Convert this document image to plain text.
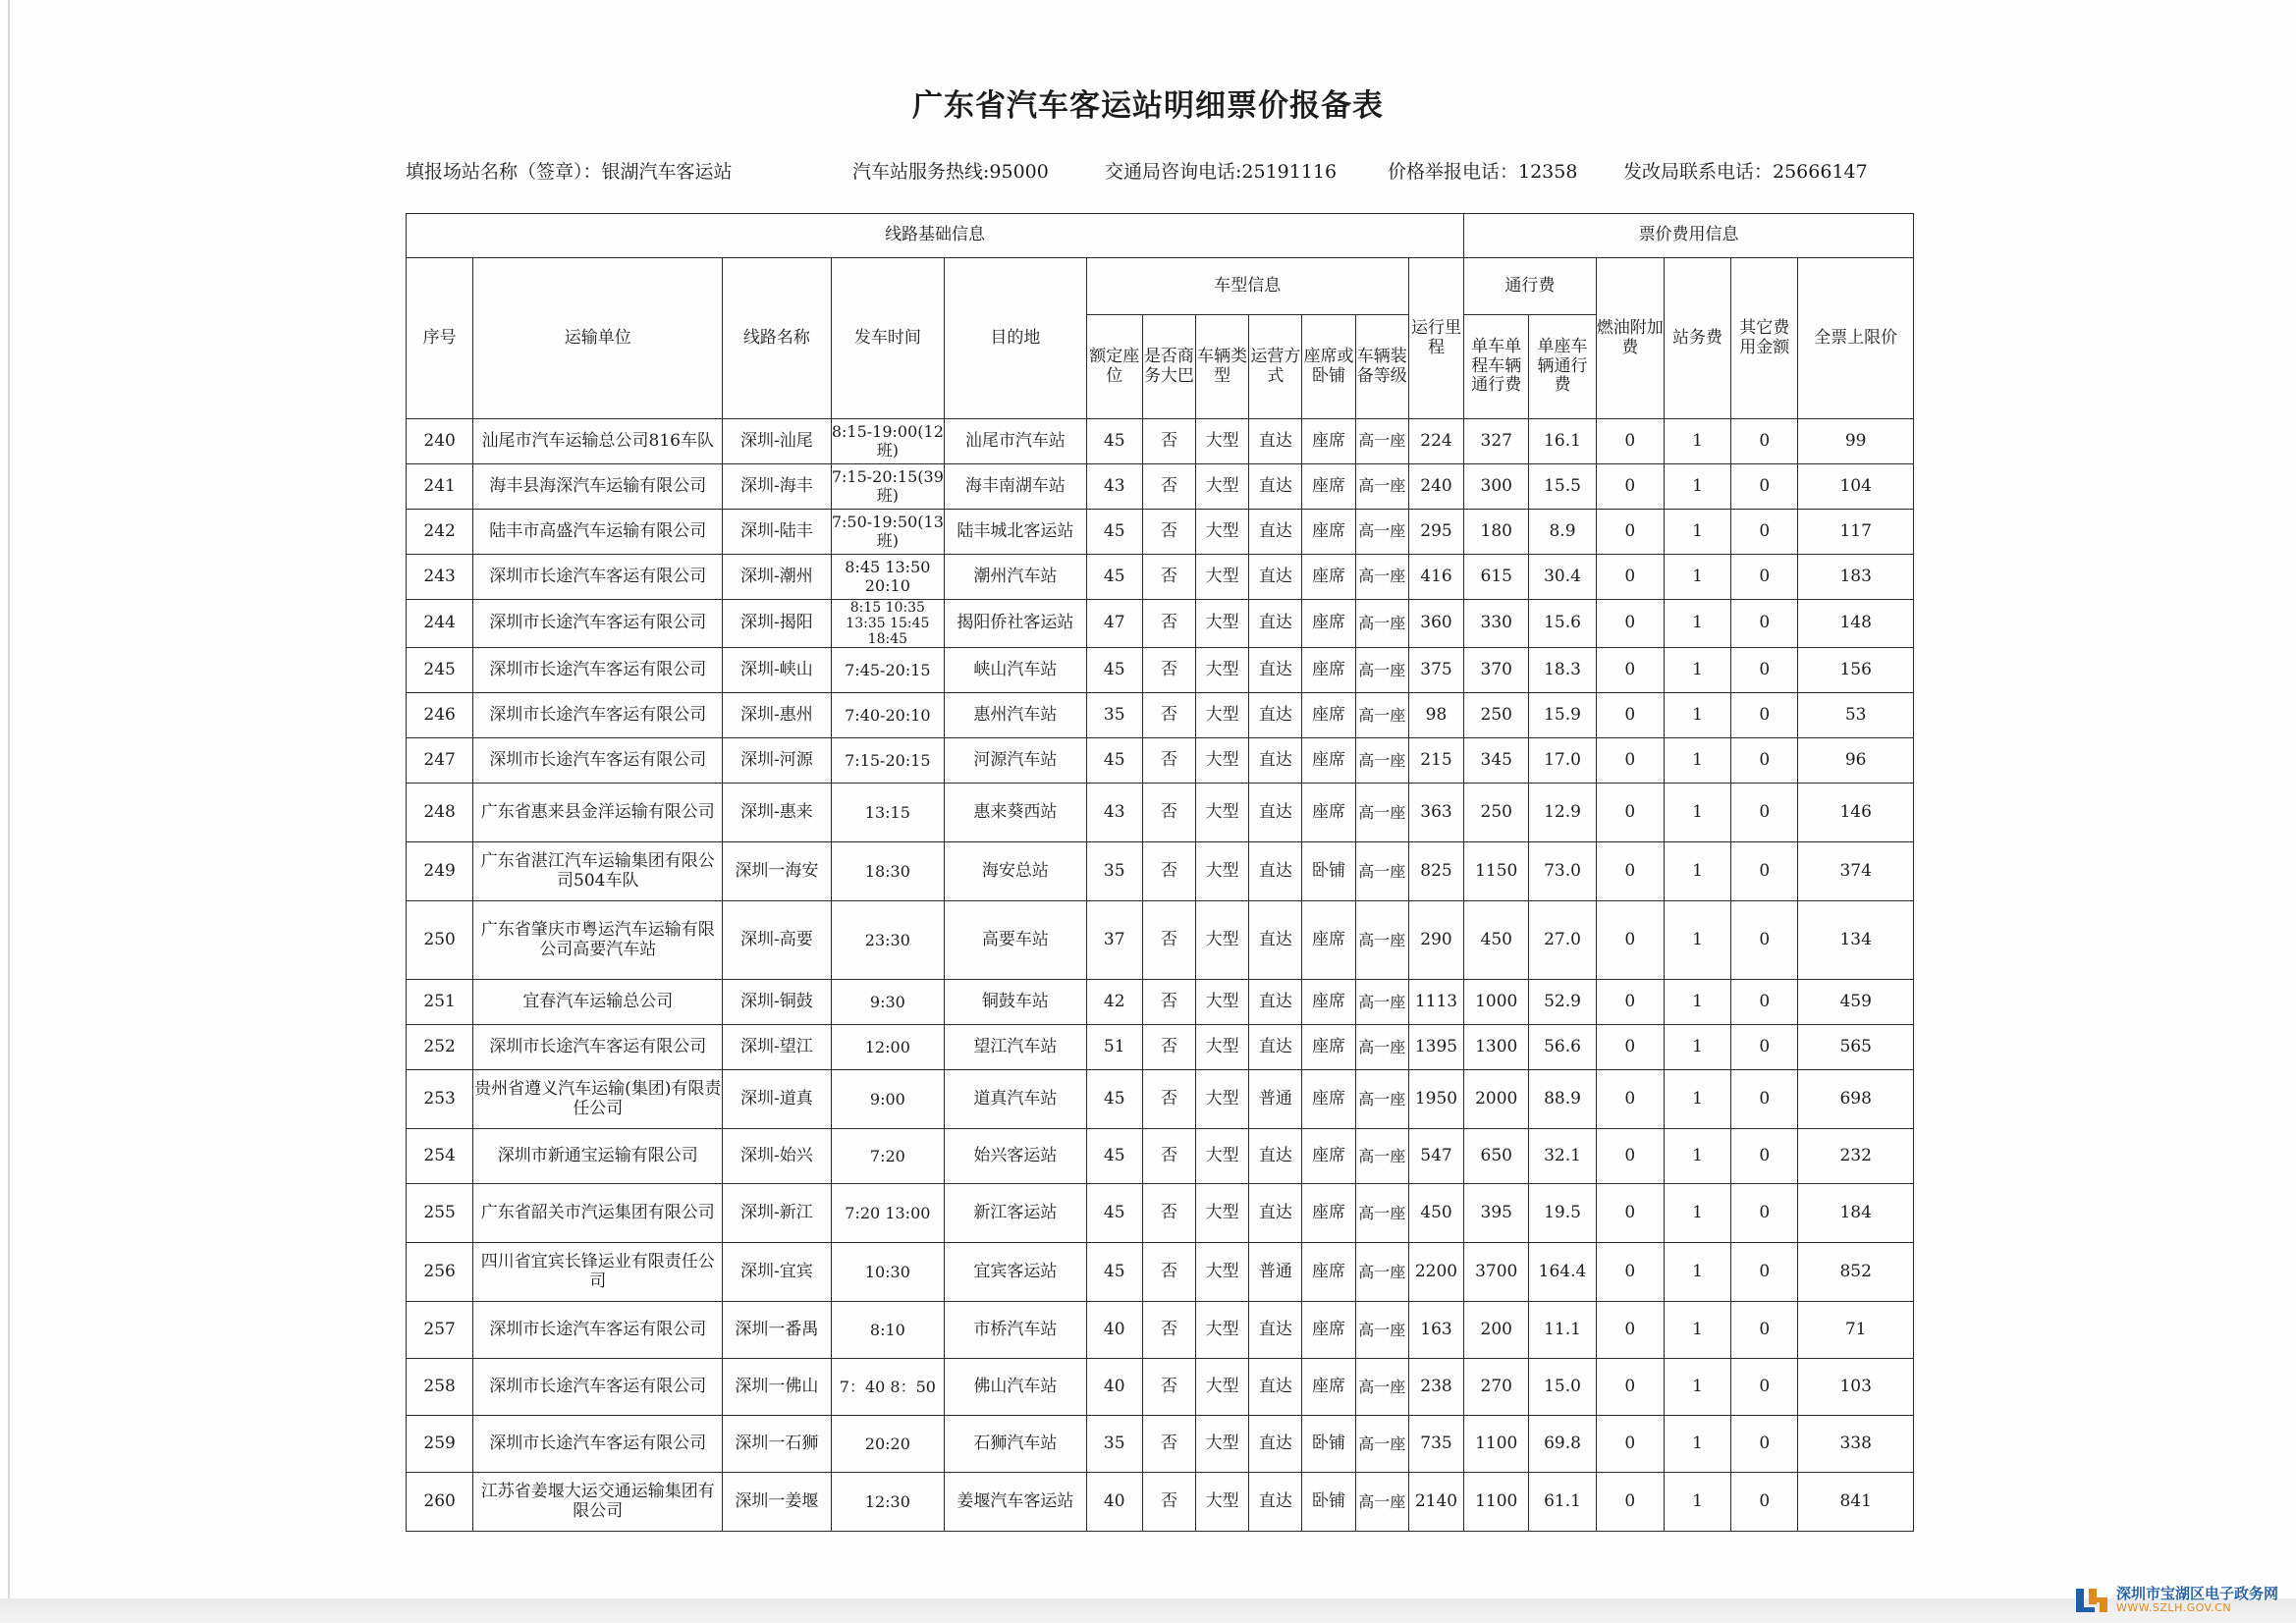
广东省汽车客运站明细票价报备表
填报场站名称（签章）：银湖汽车客运站	汽车站服务热线:95000	交通局咨询电话:25191116	价格举报电话：12358 发改局联系电话：25666147
线路基础信息												票价费用信息					
序号	运输单位	线路名称	发车时间	目的地	车型信息						运行里程	通行费		燃油附加费	站务费	其它费用金额	全票上限价
					额定座位	是否商务大巴	车辆类型	运营方式	座席或卧铺	车辆装备等级		单车单程车辆通行费	单座车辆通行费				
240	汕尾市汽车运输总公司816车队	深圳-汕尾	8:15-19:00(12班)	汕尾市汽车站	45	否	大型	直达	座席	高一座	224	327	16.1	0	1	0	99
241	海丰县海深汽车运输有限公司	深圳-海丰	7:15-20:15(39班)	海丰南湖车站	43	否	大型	直达	座席	高一座	240	300	15.5	0	1	0	104
242	陆丰市高盛汽车运输有限公司	深圳-陆丰	7:50-19:50(13班)	陆丰城北客运站	45	否	大型	直达	座席	高一座	295	180	8.9	0	1	0	117
243	深圳市长途汽车客运有限公司	深圳-潮州	8:45 13:50 20:10	潮州汽车站	45	否	大型	直达	座席	高一座	416	615	30.4	0	1	0	183
244	深圳市长途汽车客运有限公司	深圳-揭阳	8:15 10:35 13:35 15:45 18:45	揭阳侨社客运站	47	否	大型	直达	座席	高一座	360	330	15.6	0	1	0	148
245	深圳市长途汽车客运有限公司	深圳-峡山	7:45-20:15	峡山汽车站	45	否	大型	直达	座席	高一座	375	370	18.3	0	1	0	156
246	深圳市长途汽车客运有限公司	深圳-惠州	7:40-20:10	惠州汽车站	35	否	大型	直达	座席	高一座	98	250	15.9	0	1	0	53
247	深圳市长途汽车客运有限公司	深圳-河源	7:15-20:15	河源汽车站	45	否	大型	直达	座席	高一座	215	345	17.0	0	1	0	96
248	广东省惠来县金洋运输有限公司	深圳-惠来	13:15	惠来葵西站	43	否	大型	直达	座席	高一座	363	250	12.9	0	1	0	146
249	广东省湛江汽车运输集团有限公司504车队	深圳一海安	18:30	海安总站	35	否	大型	直达	卧铺	高一座	825	1150	73.0	0	1	0	374
250	广东省肇庆市粤运汽车运输有限公司高要汽车站	深圳-高要	23:30	高要车站	37	否	大型	直达	座席	高一座	290	450	27.0	0	1	0	134
251	宜春汽车运输总公司	深圳-铜鼓	9:30	铜鼓车站	42	否	大型	直达	座席	高一座	1113	1000	52.9	0	1	0	459
252	深圳市长途汽车客运有限公司	深圳-望江	12:00	望江汽车站	51	否	大型	直达	座席	高一座	1395	1300	56.6	0	1	0	565
253	贵州省遵义汽车运输(集团)有限责任公司	深圳-道真	9:00	道真汽车站	45	否	大型	普通	座席	高一座	1950	2000	88.9	0	1	0	698
254	深圳市新通宝运输有限公司	深圳-始兴	7:20	始兴客运站	45	否	大型	直达	座席	高一座	547	650	32.1	0	1	0	232
255	广东省韶关市汽运集团有限公司	深圳-新江	7:20 13:00	新江客运站	45	否	大型	直达	座席	高一座	450	395	19.5	0	1	0	184
256	四川省宜宾长锋运业有限责任公司	深圳-宜宾	10:30	宜宾客运站	45	否	大型	普通	座席	高一座	2200	3700	164.4	0	1	0	852
257	深圳市长途汽车客运有限公司	深圳一番禺	8:10	市桥汽车站	40	否	大型	直达	座席	高一座	163	200	11.1	0	1	0	71
258	深圳市长途汽车客运有限公司	深圳一佛山	7：40 8：50	佛山汽车站	40	否	大型	直达	座席	高一座	238	270	15.0	0	1	0	103
259	深圳市长途汽车客运有限公司	深圳一石狮	20:20	石狮汽车站	35	否	大型	直达	卧铺	高一座	735	1100	69.8	0	1	0	338
260	江苏省姜堰大运交通运输集团有限公司	深圳一姜堰	12:30	姜堰汽车客运站	40	否	大型	直达	卧铺	高一座	2140	1100	61.1	0	1	0	841
深圳市宝湖区电子政务网
WWW.SZLH.GOV.CN
